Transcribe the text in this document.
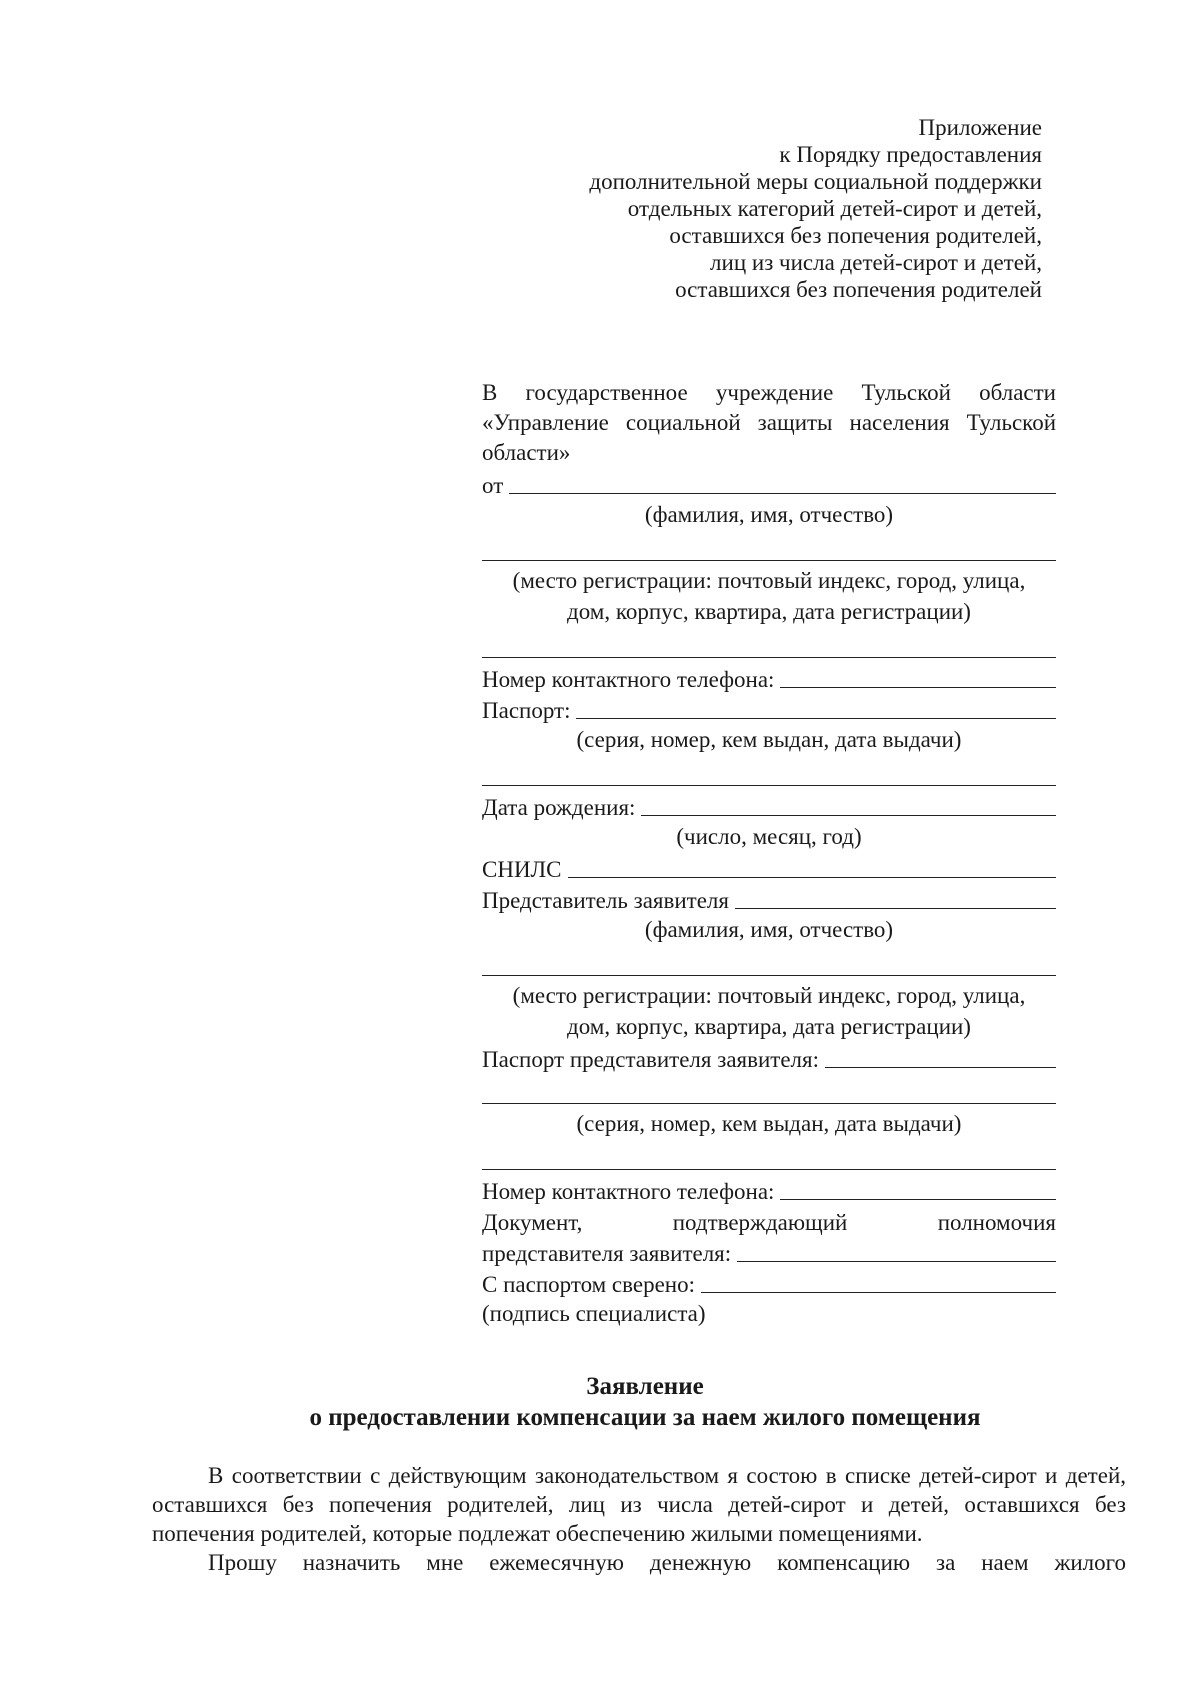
Приложение
к Порядку предоставления
дополнительной меры социальной поддержки
отдельных категорий детей-сирот и детей,
оставшихся без попечения родителей,
лиц из числа детей-сирот и детей,
оставшихся без попечения родителей
В государственное учреждение Тульской области
«Управление социальной защиты населения Тульской
области»
от
(фамилия, имя, отчество)
(место регистрации: почтовый индекс, город, улица,
дом, корпус, квартира, дата регистрации)
Номер контактного телефона:
Паспорт:
(серия, номер, кем выдан, дата выдачи)
Дата рождения:
(число, месяц, год)
СНИЛС
Представитель заявителя
(фамилия, имя, отчество)
(место регистрации: почтовый индекс, город, улица,
дом, корпус, квартира, дата регистрации)
Паспорт представителя заявителя:
(серия, номер, кем выдан, дата выдачи)
Номер контактного телефона:
Документ,	подтверждающий	полномочия
представителя заявителя:
С паспортом сверено:
(подпись специалиста)
Заявление
о предоставлении компенсации за наем жилого помещения

В соответствии с действующим законодательством я состою в списке детей-сирот и детей, оставшихся без попечения родителей, лиц из числа детей-сирот и детей, оставшихся без попечения родителей, которые подлежат обеспечению жилыми помещениями.

Прошу назначить мне ежемесячную денежную компенсацию за наем жилого
